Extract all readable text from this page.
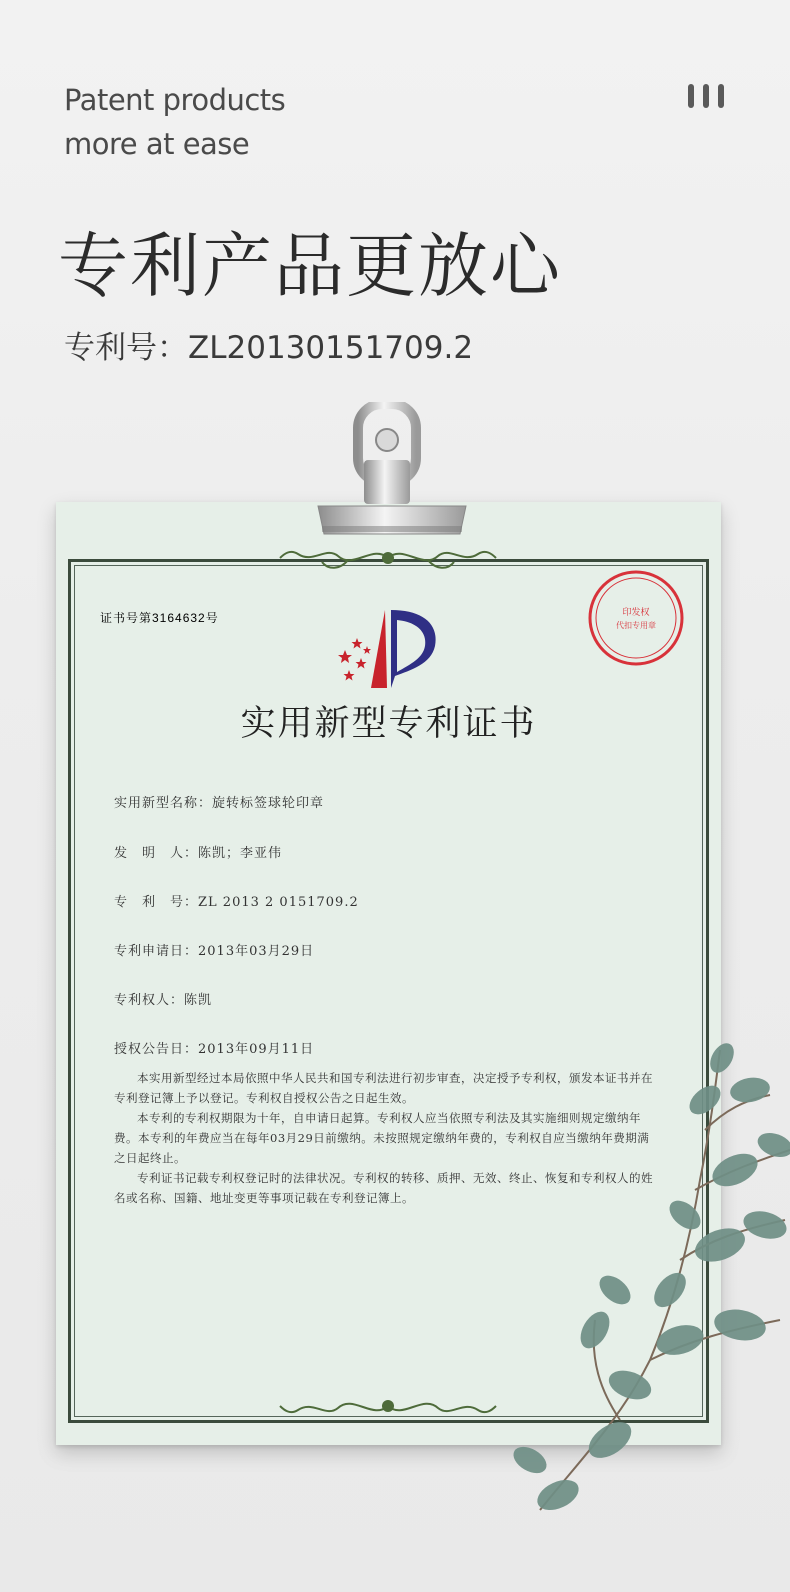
Patent products
more at ease
专利产品更放心
专利号：ZL20130151709.2
证书号第3164632号	印发权
代扣专用章
实用新型专利证书
实用新型名称：旋转标签球轮印章
发　明　人：陈凯；李亚伟
专　利　号：ZL 2013 2 0151709.2
专利申请日：2013年03月29日
专利权人：陈凯
授权公告日：2013年09月11日
本实用新型经过本局依照中华人民共和国专利法进行初步审查，决定授予专利权，颁发本证书并在专利登记簿上予以登记。专利权自授权公告之日起生效。
本专利的专利权期限为十年，自申请日起算。专利权人应当依照专利法及其实施细则规定缴纳年费。本专利的年费应当在每年03月29日前缴纳。未按照规定缴纳年费的，专利权自应当缴纳年费期满之日起终止。
专利证书记载专利权登记时的法律状况。专利权的转移、质押、无效、终止、恢复和专利权人的姓名或名称、国籍、地址变更等事项记载在专利登记簿上。
